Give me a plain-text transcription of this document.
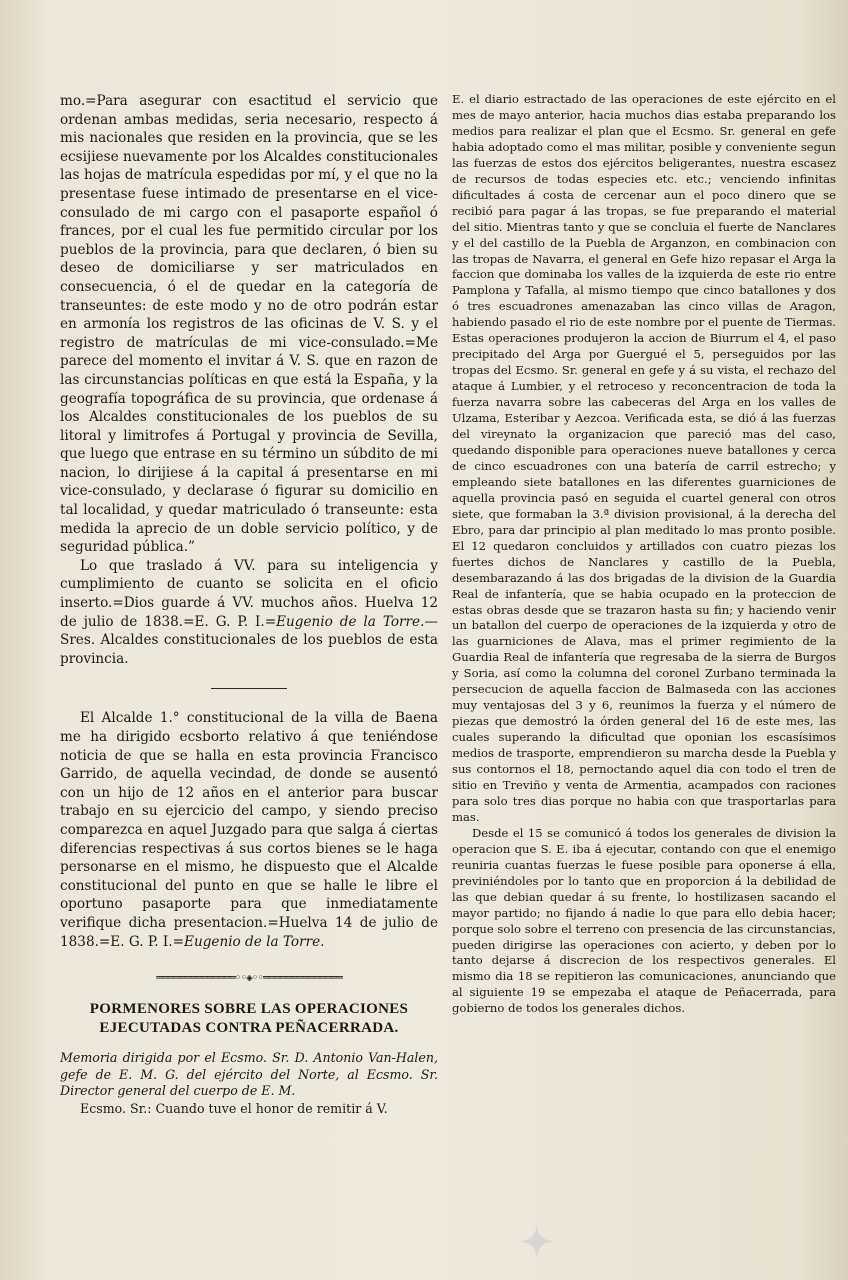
mo.=Para asegurar con esactitud el servicio que ordenan ambas medidas, seria necesario, respecto á mis nacionales que residen en la provincia, que se les ecsijiese nuevamente por los Alcaldes constitucionales las hojas de matrícula espedidas por mí, y el que no la presentase fuese intimado de presentarse en el vice-consulado de mi cargo con el pasaporte español ó frances, por el cual les fue permitido circular por los pueblos de la provincia, para que declaren, ó bien su deseo de domiciliarse y ser matriculados en consecuencia, ó el de quedar en la categoría de transeuntes: de este modo y no de otro podrán estar en armonía los registros de las oficinas de V. S. y el registro de matrículas de mi vice-consulado.=Me parece del momento el invitar á V. S. que en razon de las circunstancias políticas en que está la España, y la geografía topográfica de su provincia, que ordenase á los Alcaldes constitucionales de los pueblos de su litoral y limitrofes á Portugal y provincia de Sevilla, que luego que entrase en su término un súbdito de mi nacion, lo dirijiese á la capital á presentarse en mi vice-consulado, y declarase ó figurar su domicilio en tal localidad, y quedar matriculado ó transeunte: esta medida la aprecio de un doble servicio político, y de seguridad pública.”

Lo que traslado á VV. para su inteligencia y cumplimiento de cuanto se solicita en el oficio inserto.=Dios guarde á VV. muchos años. Huelva 12 de julio de 1838.=E. G. P. I.=Eugenio de la Torre.—Sres. Alcaldes constitucionales de los pueblos de esta provincia.

El Alcalde 1.° constitucional de la villa de Baena me ha dirigido ecsborto relativo á que teniéndose noticia de que se halla en esta provincia Francisco Garrido, de aquella vecindad, de donde se ausentó con un hijo de 12 años en el anterior para buscar trabajo en su ejercicio del campo, y siendo preciso comparezca en aquel Juzgado para que salga á ciertas diferencias respectivas á sus cortos bienes se le haga personarse en el mismo, he dispuesto que el Alcalde constitucional del punto en que se halle le libre el oportuno pasaporte para que inmediatamente verifique dicha presentacion.=Huelva 14 de julio de 1838.=E. G. P. I.=Eugenio de la Torre.

══════════════◦◦◈◦◦══════════════
PORMENORES SOBRE LAS OPERACIONES
EJECUTADAS CONTRA PEÑACERRADA.

Memoria dirigida por el Ecsmo. Sr. D. Antonio Van-Halen, gefe de E. M. G. del ejército del Norte, al Ecsmo. Sr. Director general del cuerpo de E. M.

Ecsmo. Sr.: Cuando tuve el honor de remitir á V.

E. el diario estractado de las operaciones de este ejército en el mes de mayo anterior, hacia muchos dias estaba preparando los medios para realizar el plan que el Ecsmo. Sr. general en gefe habia adoptado como el mas militar, posible y conveniente segun las fuerzas de estos dos ejércitos beligerantes, nuestra escasez de recursos de todas especies etc. etc.; venciendo infinitas dificultades á costa de cercenar aun el poco dinero que se recibió para pagar á las tropas, se fue preparando el material del sitio. Mientras tanto y que se concluia el fuerte de Nanclares y el del castillo de la Puebla de Arganzon, en combinacion con las tropas de Navarra, el general en Gefe hizo repasar el Arga la faccion que dominaba los valles de la izquierda de este rio entre Pamplona y Tafalla, al mismo tiempo que cinco batallones y dos ó tres escuadrones amenazaban las cinco villas de Aragon, habiendo pasado el rio de este nombre por el puente de Tiermas. Estas operaciones produjeron la accion de Biurrum el 4, el paso precipitado del Arga por Guergué el 5, perseguidos por las tropas del Ecsmo. Sr. general en gefe y á su vista, el rechazo del ataque á Lumbier, y el retroceso y reconcentracion de toda la fuerza navarra sobre las cabeceras del Arga en los valles de Ulzama, Esteribar y Aezcoa. Verificada esta, se dió á las fuerzas del vireynato la organizacion que pareció mas del caso, quedando disponible para operaciones nueve batallones y cerca de cinco escuadrones con una batería de carril estrecho; y empleando siete batallones en las diferentes guarniciones de aquella provincia pasó en seguida el cuartel general con otros siete, que formaban la 3.ª division provisional, á la derecha del Ebro, para dar principio al plan meditado lo mas pronto posible. El 12 quedaron concluidos y artillados con cuatro piezas los fuertes dichos de Nanclares y castillo de la Puebla, desembarazando á las dos brigadas de la division de la Guardia Real de infantería, que se habia ocupado en la proteccion de estas obras desde que se trazaron hasta su fin; y haciendo venir un batallon del cuerpo de operaciones de la izquierda y otro de las guarniciones de Alava, mas el primer regimiento de la Guardia Real de infantería que regresaba de la sierra de Burgos y Soria, así como la columna del coronel Zurbano terminada la persecucion de aquella faccion de Balmaseda con las acciones muy ventajosas del 3 y 6, reunimos la fuerza y el número de piezas que demostró la órden general del 16 de este mes, las cuales superando la dificultad que oponian los escasísimos medios de trasporte, emprendieron su marcha desde la Puebla y sus contornos el 18, pernoctando aquel dia con todo el tren de sitio en Treviño y venta de Armentia, acampados con raciones para solo tres dias porque no habia con que trasportarlas para mas.

Desde el 15 se comunicó á todos los generales de division la operacion que S. E. iba á ejecutar, contando con que el enemigo reuniria cuantas fuerzas le fuese posible para oponerse á ella, previniéndoles por lo tanto que en proporcion á la debilidad de las que debian quedar á su frente, lo hostilizasen sacando el mayor partido; no fijando á nadie lo que para ello debia hacer; porque solo sobre el terreno con presencia de las circunstancias, pueden dirigirse las operaciones con acierto, y deben por lo tanto dejarse á discrecion de los respectivos generales. El mismo dia 18 se repitieron las comunicaciones, anunciando que al siguiente 19 se empezaba el ataque de Peñacerrada, para gobierno de todos los generales dichos.

✦
